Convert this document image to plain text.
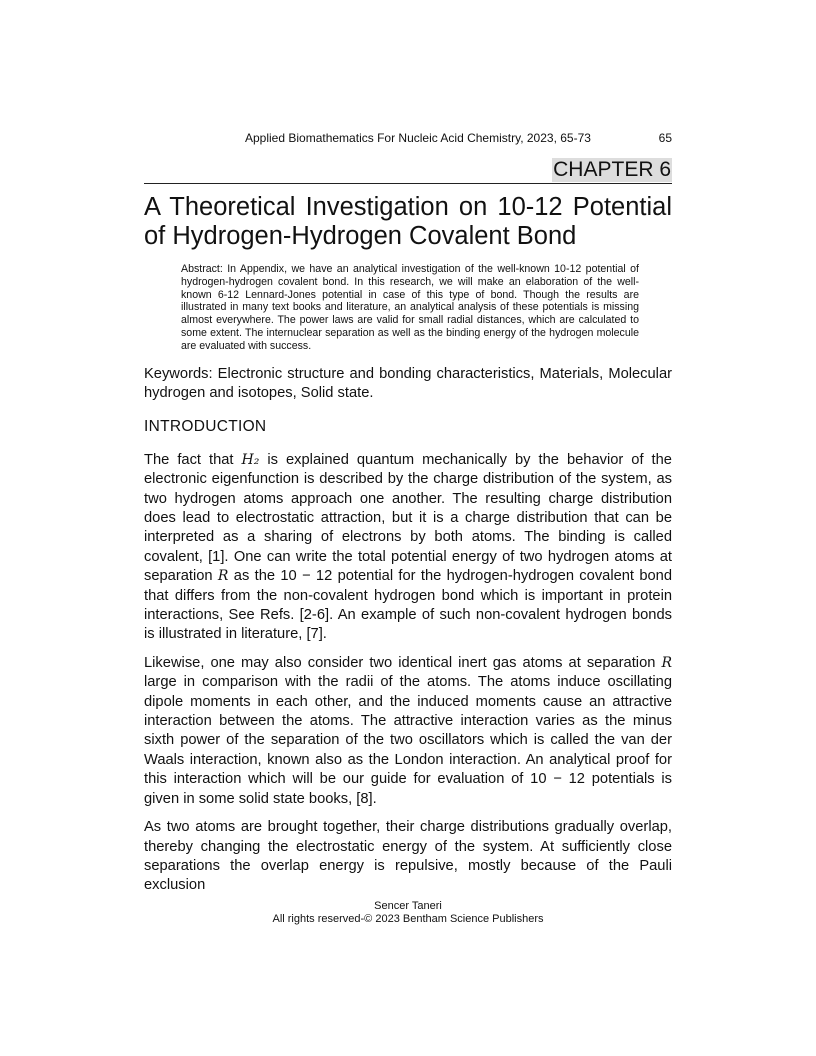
Applied Biomathematics For Nucleic Acid Chemistry, 2023, 65-73	65
CHAPTER 6
A Theoretical Investigation on 10-12 Potential of Hydrogen-Hydrogen Covalent Bond
Abstract: In Appendix, we have an analytical investigation of the well-known 10-12 potential of hydrogen-hydrogen covalent bond. In this research, we will make an elaboration of the well-known 6-12 Lennard-Jones potential in case of this type of bond. Though the results are illustrated in many text books and literature, an analytical analysis of these potentials is missing almost everywhere. The power laws are valid for small radial distances, which are calculated to some extent. The internuclear separation as well as the binding energy of the hydrogen molecule are evaluated with success.
Keywords: Electronic structure and bonding characteristics, Materials, Molecular hydrogen and isotopes, Solid state.
INTRODUCTION
The fact that H₂ is explained quantum mechanically by the behavior of the electronic eigenfunction is described by the charge distribution of the system, as two hydrogen atoms approach one another. The resulting charge distribution does lead to electrostatic attraction, but it is a charge distribution that can be interpreted as a sharing of electrons by both atoms. The binding is called covalent, [1]. One can write the total potential energy of two hydrogen atoms at separation R as the 10 − 12 potential for the hydrogen-hydrogen covalent bond that differs from the non-covalent hydrogen bond which is important in protein interactions, See Refs. [2-6]. An example of such non-covalent hydrogen bonds is illustrated in literature, [7].
Likewise, one may also consider two identical inert gas atoms at separation R large in comparison with the radii of the atoms. The atoms induce oscillating dipole moments in each other, and the induced moments cause an attractive interaction between the atoms. The attractive interaction varies as the minus sixth power of the separation of the two oscillators which is called the van der Waals interaction, known also as the London interaction. An analytical proof for this interaction which will be our guide for evaluation of 10 − 12 potentials is given in some solid state books, [8].
As two atoms are brought together, their charge distributions gradually overlap, thereby changing the electrostatic energy of the system. At sufficiently close separations the overlap energy is repulsive, mostly because of the Pauli exclusion
Sencer Taneri
All rights reserved-© 2023 Bentham Science Publishers
